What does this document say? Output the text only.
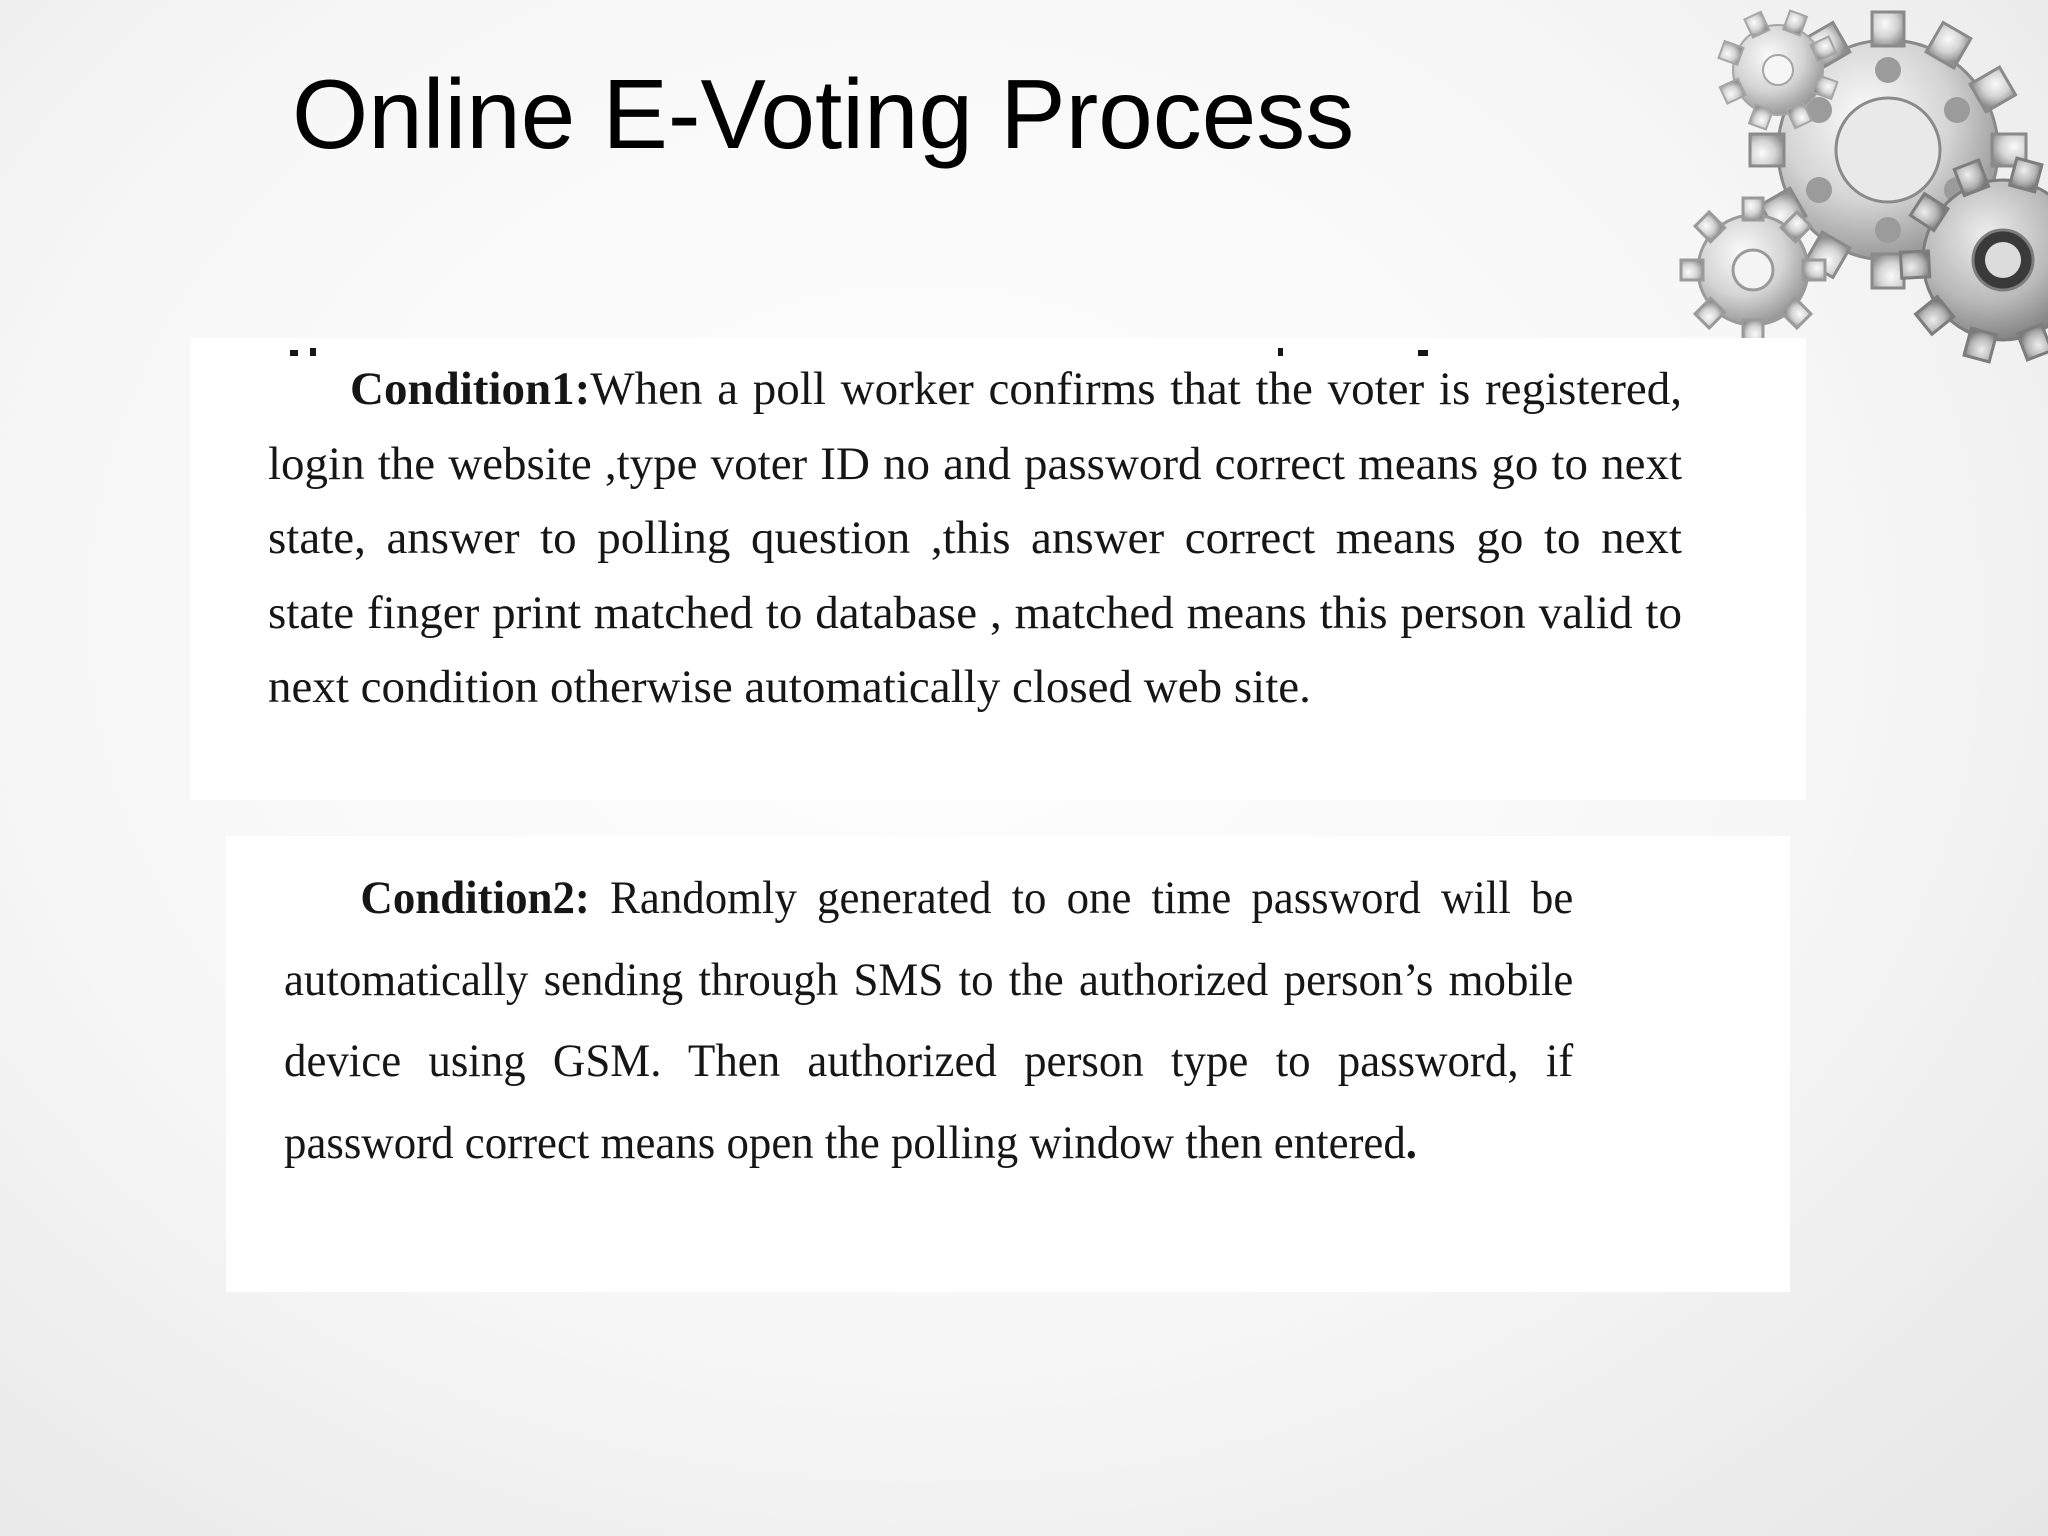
Online E-Voting Process

Condition1:When a poll worker confirms that the voter is registered, login the website ,type voter ID no and password correct means go to next state, answer to polling question ,this answer correct means go to next state finger print matched to database , matched means this person valid to next condition otherwise automatically closed web site.

Condition2: Randomly generated to one time password will be automatically sending through SMS to the authorized person’s mobile device using GSM. Then authorized person type to password, if password correct means open the polling window then entered.
